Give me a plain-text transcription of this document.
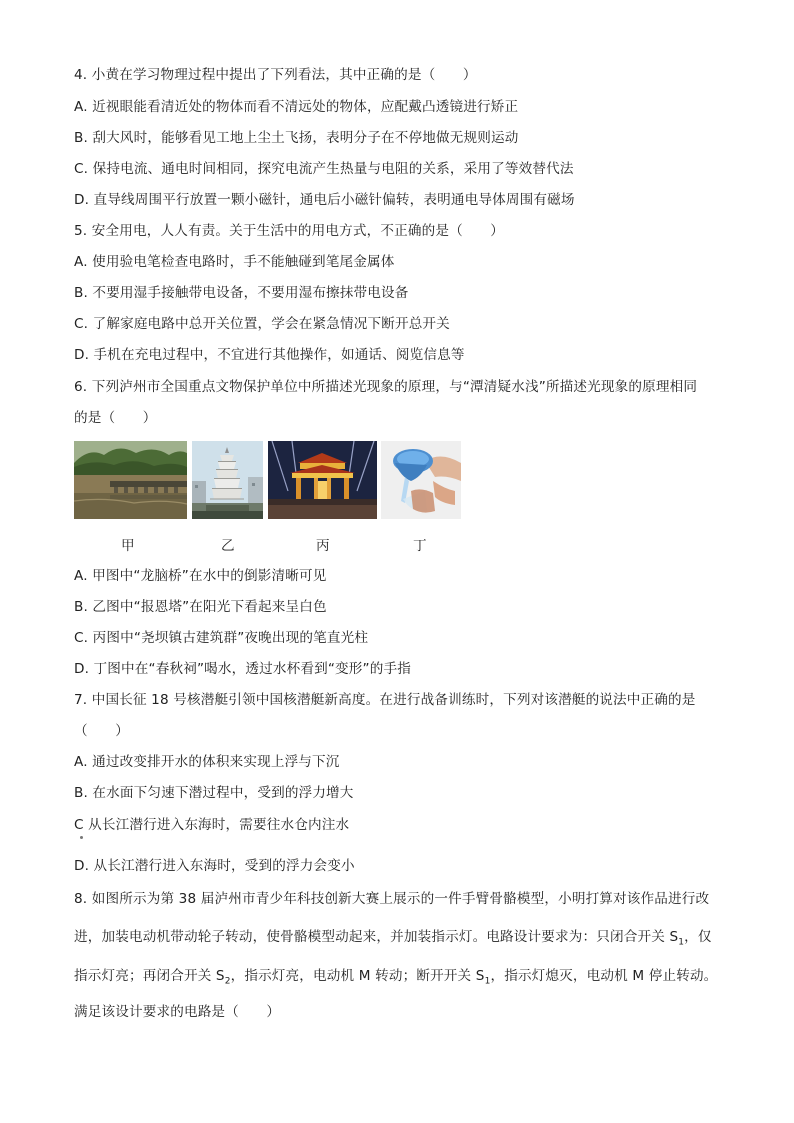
4. 小黄在学习物理过程中提出了下列看法，其中正确的是（　　）
A. 近视眼能看清近处的物体而看不清远处的物体，应配戴凸透镜进行矫正
B. 刮大风时，能够看见工地上尘土飞扬，表明分子在不停地做无规则运动
C. 保持电流、通电时间相同，探究电流产生热量与电阻的关系，采用了等效替代法
D. 直导线周围平行放置一颗小磁针，通电后小磁针偏转，表明通电导体周围有磁场
5. 安全用电，人人有责。关于生活中的用电方式，不正确的是（　　）
A. 使用验电笔检查电路时，手不能触碰到笔尾金属体
B. 不要用湿手接触带电设备，不要用湿布擦抹带电设备
C. 了解家庭电路中总开关位置，学会在紧急情况下断开总开关
D. 手机在充电过程中，不宜进行其他操作，如通话、阅览信息等
6. 下列泸州市全国重点文物保护单位中所描述光现象的原理，与“潭清疑水浅”所描述光现象的原理相同
的是（　　）
甲	乙	丙	丁
A. 甲图中“龙脑桥”在水中的倒影清晰可见
B. 乙图中“报恩塔”在阳光下看起来呈白色
C. 丙图中“尧坝镇古建筑群”夜晚出现的笔直光柱
D. 丁图中在“春秋祠”喝水，透过水杯看到“变形”的手指
7. 中国长征 18 号核潜艇引领中国核潜艇新高度。在进行战备训练时，下列对该潜艇的说法中正确的是
（　　）
A. 通过改变排开水的体积来实现上浮与下沉
B. 在水面下匀速下潜过程中，受到的浮力增大
C 从长江潜行进入东海时，需要往水仓内注水
D. 从长江潜行进入东海时，受到的浮力会变小
8. 如图所示为第 38 届泸州市青少年科技创新大赛上展示的一件手臂骨骼模型，小明打算对该作品进行改
进，加装电动机带动轮子转动，使骨骼模型动起来，并加装指示灯。电路设计要求为：只闭合开关 $S_1$，仅
指示灯亮；再闭合开关 $S_2$，指示灯亮，电动机 M 转动；断开开关 $S_1$，指示灯熄灭，电动机 M 停止转动。
满足该设计要求的电路是（　　）
